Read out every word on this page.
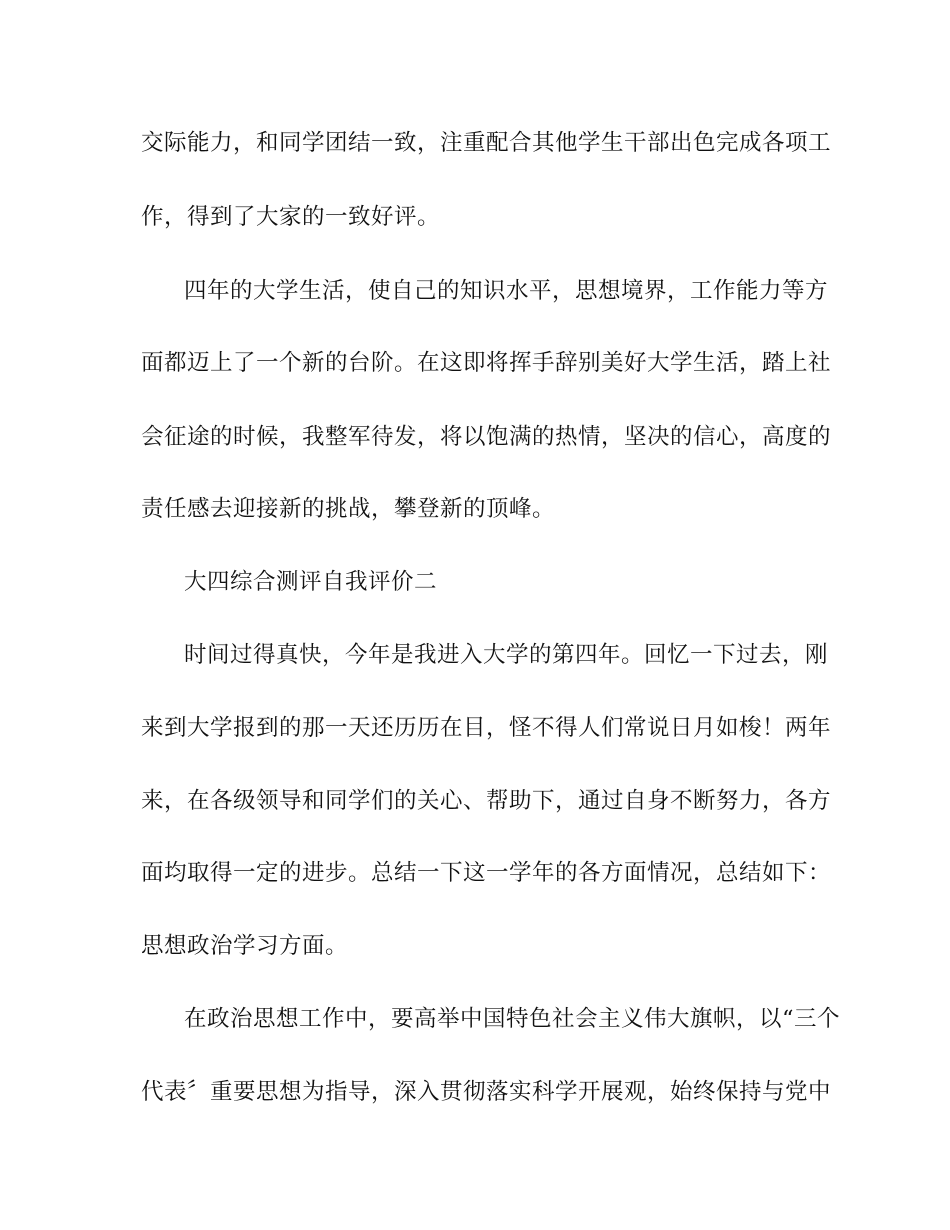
交际能力，和同学团结一致，注重配合其他学生干部出色完成各项工
作，得到了大家的一致好评。
四年的大学生活，使自己的知识水平，思想境界，工作能力等方
面都迈上了一个新的台阶。在这即将挥手辞别美好大学生活，踏上社
会征途的时候，我整军待发，将以饱满的热情，坚决的信心，高度的
责任感去迎接新的挑战，攀登新的顶峰。
大四综合测评自我评价二
时间过得真快，今年是我进入大学的第四年。回忆一下过去，刚
来到大学报到的那一天还历历在目，怪不得人们常说日月如梭！两年
来，在各级领导和同学们的关心、帮助下，通过自身不断努力，各方
面均取得一定的进步。总结一下这一学年的各方面情况，总结如下：
思想政治学习方面。
在政治思想工作中，要高举中国特色社会主义伟大旗帜，以“三个
代表〞重要思想为指导，深入贯彻落实科学开展观，始终保持与党中
